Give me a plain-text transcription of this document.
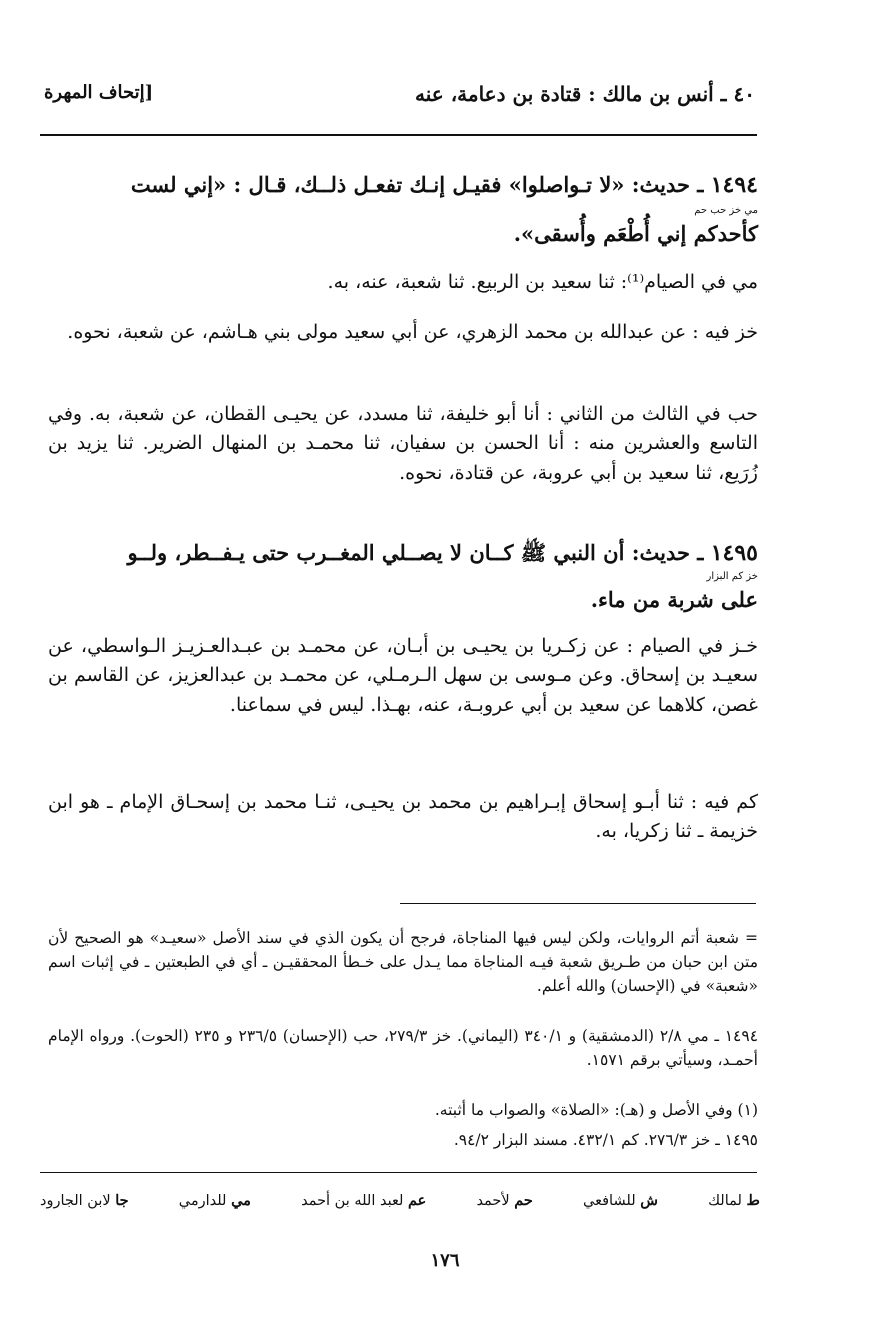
٤٠ ـ أنس بن مالك : قتادة بن دعامة، عنه
[إتحاف المهرة
١٤٩٤ ـ حديث: «لا تـواصلوا» فقيـل إنـك تفعـل ذلــك، قـال : «إني لست
مي خز حب حم
كأحدكم إني أُطْعَم وأُسقى».
مي في الصيام⁽¹⁾: ثنا سعيد بن الربيع. ثنا شعبة، عنه، به.
خز فيه : عن عبدالله بن محمد الزهري، عن أبي سعيد مولى بني هـاشم، عن شعبة، نحوه.
حب في الثالث من الثاني : أنا أبو خليفة، ثنا مسدد، عن يحيـى القطان، عن شعبة، به. وفي التاسع والعشرين منه : أنا الحسن بن سفيان، ثنا محمـد بن المنهال الضرير. ثنا يزيد بن زُرَيع، ثنا سعيد بن أبي عروبة، عن قتادة، نحوه.
١٤٩٥ ـ حديث: أن النبي ﷺ كــان لا يصــلي المغــرب حتى يـفــطر، ولــو
خز كم البزار
على شربة من ماء.
خـز في الصيام : عن زكـريا بن يحيـى بن أبـان، عن محمـد بن عبـدالعـزيـز الـواسطي، عن سعيـد بن إسحاق. وعن مـوسى بن سهل الـرمـلي، عن محمـد بن عبدالعزيز، عن القاسم بن غصن، كلاهما عن سعيد بن أبي عروبـة، عنه، بهـذا. ليس في سماعنا.
كم فيه : ثنا أبـو إسحاق إبـراهيم بن محمد بن يحيـى، ثنـا محمد بن إسحـاق الإمام ـ هو ابن خزيمة ـ ثنا زكريا، به.
= شعبة أتم الروايات، ولكن ليس فيها المناجاة، فرجح أن يكون الذي في سند الأصل «سعيـد» هو الصحيح لأن متن ابن حبان من طـريق شعبة فيـه المناجاة مما يـدل على خـطأ المحققيـن ـ أي في الطبعتين ـ في إثبات اسم «شعبة» في (الإحسان) والله أعلم.
١٤٩٤ ـ مي ٢/٨ (الدمشقية) و ٣٤٠/١ (اليماني). خز ٢٧٩/٣، حب (الإحسان) ٢٣٦/٥ و ٢٣٥ (الحوت). ورواه الإمام أحمـد، وسيأتي برقم ١٥٧١.
(١) وفي الأصل و (هـ): «الصلاة» والصواب ما أثبته.
١٤٩٥ ـ خز ٢٧٦/٣. كم ٤٣٢/١. مسند البزار ٩٤/٢.
ط لمالك
ش للشافعي
حم لأحمد
عم لعبد الله بن أحمد
مي للدارمي
جا لابن الجارود
١٧٦
